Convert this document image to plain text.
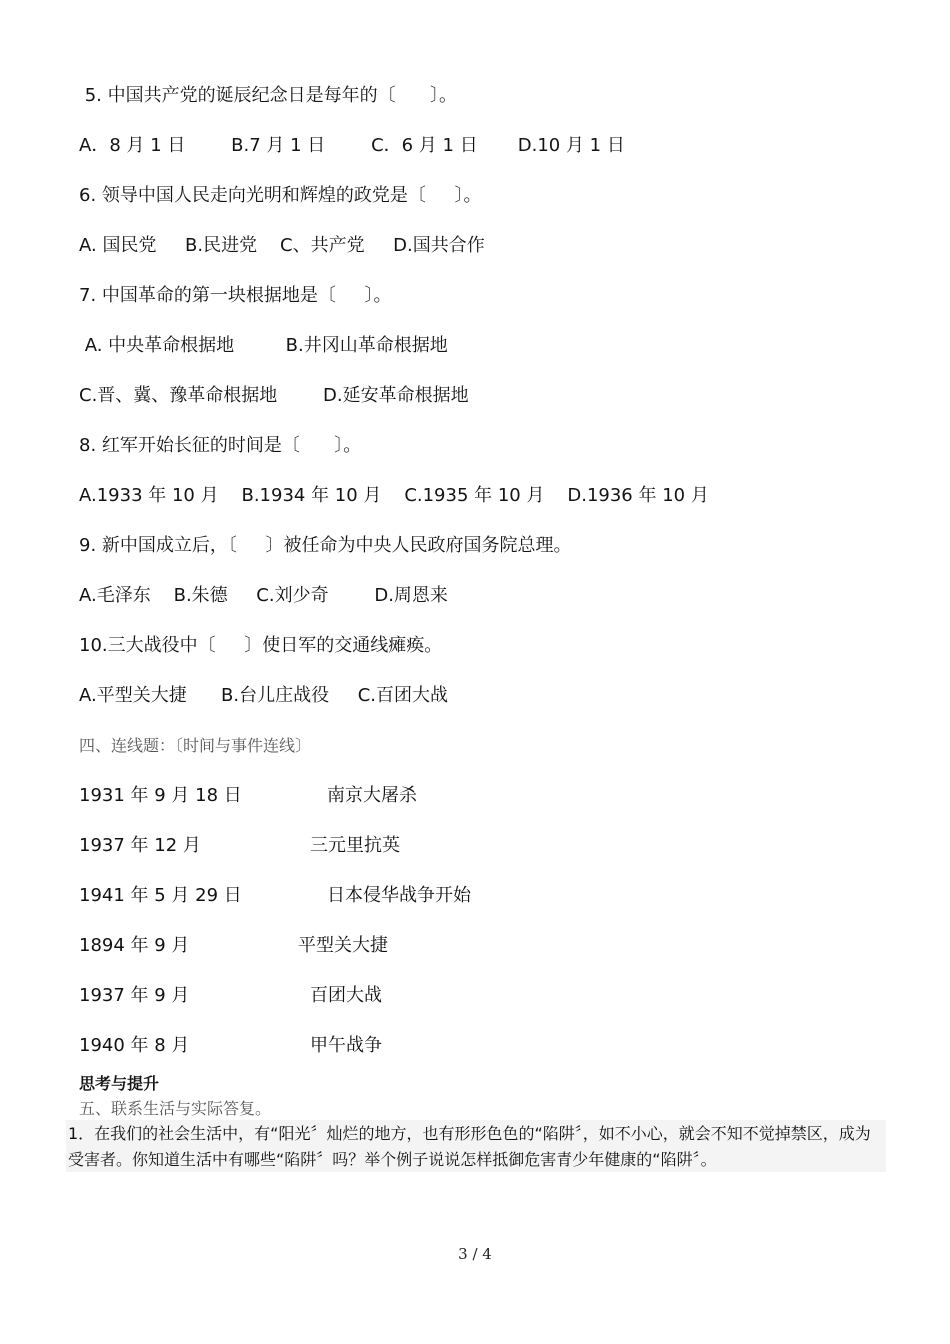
5. 中国共产党的诞辰纪念日是每年的〔      〕。
A．8 月 1 日        B.7 月 1 日        C．6 月 1 日       D.10 月 1 日
6. 领导中国人民走向光明和辉煌的政党是〔     〕。
A. 国民党     B.民进党    C、共产党     D.国共合作
7. 中国革命的第一块根据地是〔     〕。
A. 中央革命根据地         B.井冈山革命根据地
C.晋、冀、豫革命根据地        D.延安革命根据地
8. 红军开始长征的时间是〔      〕。
A.1933 年 10 月    B.1934 年 10 月    C.1935 年 10 月    D.1936 年 10 月
9. 新中国成立后，〔     〕被任命为中央人民政府国务院总理。
A.毛泽东    B.朱德     C.刘少奇        D.周恩来
10.三大战役中〔     〕使日军的交通线瘫痪。
A.平型关大捷      B.台儿庄战役     C.百团大战
四、连线题：〔时间与事件连线〕
1931 年 9 月 18 日	南京大屠杀
1937 年 12 月	三元里抗英
1941 年 5 月 29 日	日本侵华战争开始
1894 年 9 月	平型关大捷
1937 年 9 月	百团大战
1940 年 8 月	甲午战争
思考与提升
五、联系生活与实际答复。
1．在我们的社会生活中，有“阳光〞灿烂的地方，也有形形色色的“陷阱〞，如不小心，就会不知不觉掉禁区，成为受害者。你知道生活中有哪些“陷阱〞吗？举个例子说说怎样抵御危害青少年健康的“陷阱〞。
3 / 4
